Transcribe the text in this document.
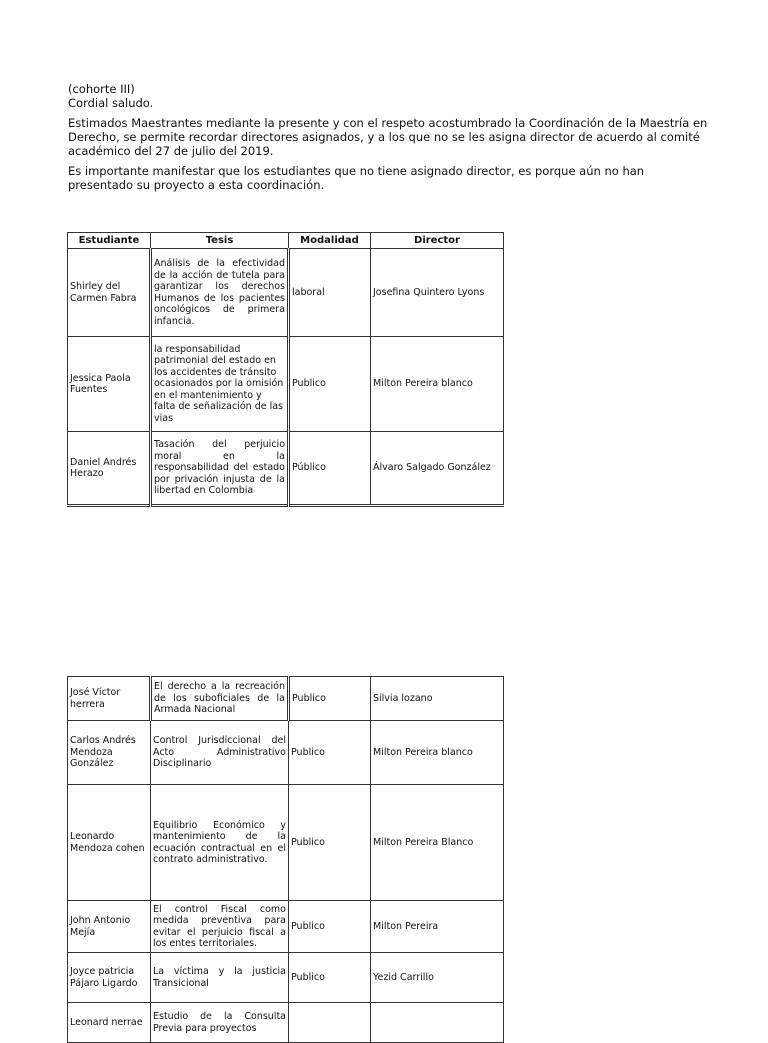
(cohorte III)

Cordial saludo.

Estimados Maestrantes mediante la presente y con el respeto acostumbrado la Coordinación de la Maestría en Derecho, se permite recordar directores asignados, y a los que no se les asigna director de acuerdo al comité académico del 27 de julio del 2019.

Es importante manifestar que los estudiantes que no tiene asignado director, es porque aún no han presentado su proyecto a esta coordinación.

Estudiante	Tesis	Modalidad	Director
Shirley del Carmen Fabra	Análisis de la efectividad de la acción de tutela para garantizar los derechos Humanos de los pacientes oncológicos de primera infancia.	laboral	Josefina Quintero Lyons
Jessica Paola Fuentes	la responsabilidad patrimonial del estado en los accidentes de tránsito ocasionados por la omisión en el mantenimiento y falta de señalización de las vias	Publico	Milton Pereira blanco
Daniel Andrés Herazo	Tasación del perjuicio moral en la responsabilidad del estado por privación injusta de la libertad en Colombia	Público	Álvaro Salgado González
José Víctor herrera	El derecho a la recreación de los suboficiales de la Armada Nacional	Publico	Silvia lozano
Carlos Andrés Mendoza González	Control Jurisdiccional del Acto Administrativo Disciplinario	Publico	Milton Pereira blanco
Leonardo Mendoza cohen	Equilibrio Económico y mantenimiento de la ecuación contractual en el contrato administrativo.	Publico	Milton Pereira Blanco
John Antonio Mejía	El control Fiscal como medida preventiva para evitar el perjuicio fiscal a los entes territoriales.	Publico	Milton Pereira
Joyce patricia Pájaro Ligardo	La víctima y la justicia Transicional	Publico	Yezid Carrillo
Leonard nerrae	Estudio de la Consulta Previa para proyectos		
